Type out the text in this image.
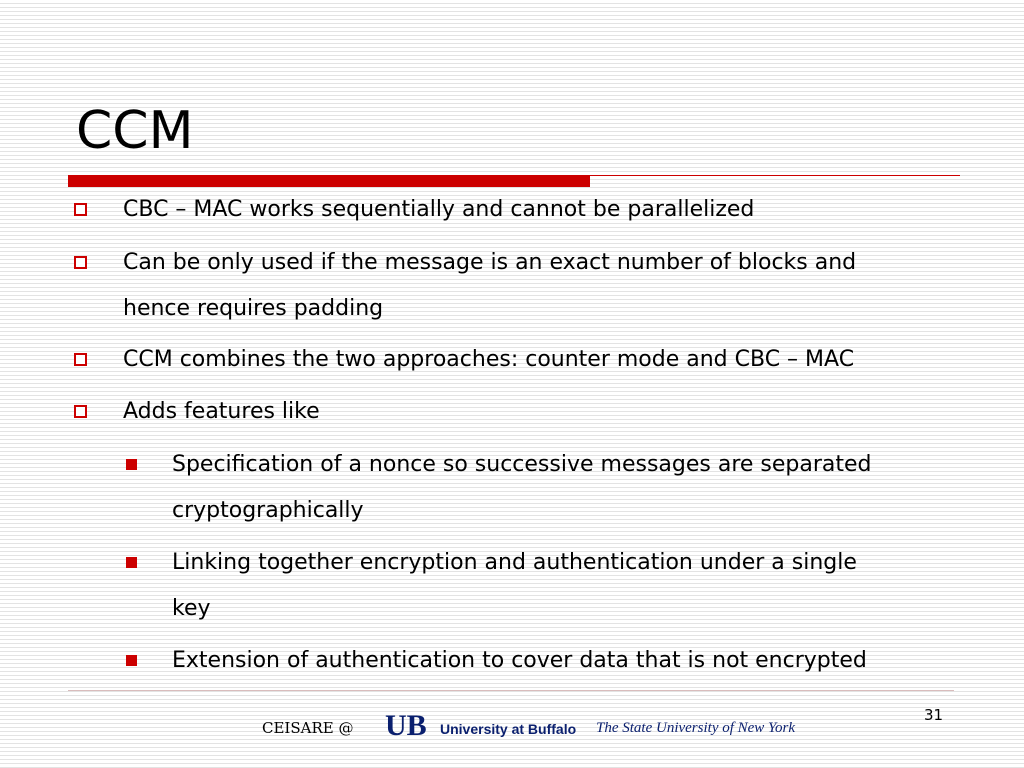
CCM
CBC – MAC works sequentially and cannot be parallelized
Can be only used if the message is an exact number of blocks and
hence requires padding
CCM combines the two approaches: counter mode and CBC – MAC
Adds features like
Specification of a nonce so successive messages are separated
cryptographically
Linking together encryption and authentication under a single
key
Extension of authentication to cover data that is not encrypted
CEISARE @ UB University at Buffalo The State University of New York
31
